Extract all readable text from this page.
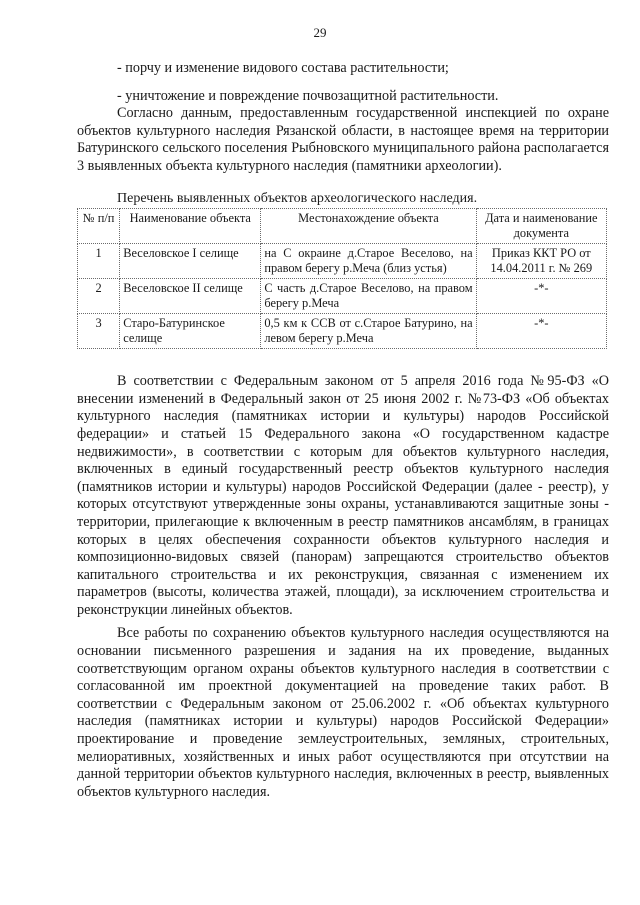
29

- порчу и изменение видового состава растительности;

- уничтожение и повреждение почвозащитной растительности.

Согласно данным, предоставленным государственной инспекцией по охране объектов культурного наследия Рязанской области, в настоящее время на территории Батуринского сельского поселения Рыбновского муниципального района располагается 3 выявленных объекта культурного наследия (памятники археологии).

Перечень выявленных объектов археологического наследия.
№ п/п	Наименование объекта	Местонахождение объекта	Дата и наименование документа
1	Веселовское I селище	на С окраине д.Старое Веселово, на правом берегу р.Меча (близ устья)	Приказ ККТ РО от 14.04.2011 г. № 269
2	Веселовское II селище	С часть д.Старое Веселово, на правом берегу р.Меча	-*-
3	Старо-Батуринское селище	0,5 км к ССВ от с.Старое Батурино, на левом берегу р.Меча	-*-

В соответствии с Федеральным законом от 5 апреля 2016 года №95-ФЗ «О внесении изменений в Федеральный закон от 25 июня 2002 г. №73-ФЗ «Об объектах культурного наследия (памятниках истории и культуры) народов Российской федерации» и статьей 15 Федерального закона «О государственном кадастре недвижимости», в соответствии с которым для объектов культурного наследия, включенных в единый государственный реестр объектов культурного наследия (памятников истории и культуры) народов Российской Федерации (далее - реестр), у которых отсутствуют утвержденные зоны охраны, устанавливаются защитные зоны - территории, прилегающие к включенным в реестр памятников ансамблям, в границах которых в целях обеспечения сохранности объектов культурного наследия и композиционно-видовых связей (панорам) запрещаются строительство объектов капитального строительства и их реконструкция, связанная с изменением их параметров (высоты, количества этажей, площади), за исключением строительства и реконструкции линейных объектов.

Все работы по сохранению объектов культурного наследия осуществляются на основании письменного разрешения и задания на их проведение, выданных соответствующим органом охраны объектов культурного наследия в соответствии с согласованной им проектной документацией на проведение таких работ. В соответствии с Федеральным законом от 25.06.2002 г. «Об объектах культурного наследия (памятниках истории и культуры) народов Российской Федерации» проектирование и проведение землеустроительных, земляных, строительных, мелиоративных, хозяйственных и иных работ осуществляются при отсутствии на данной территории объектов культурного наследия, включенных в реестр, выявленных объектов культурного наследия.
